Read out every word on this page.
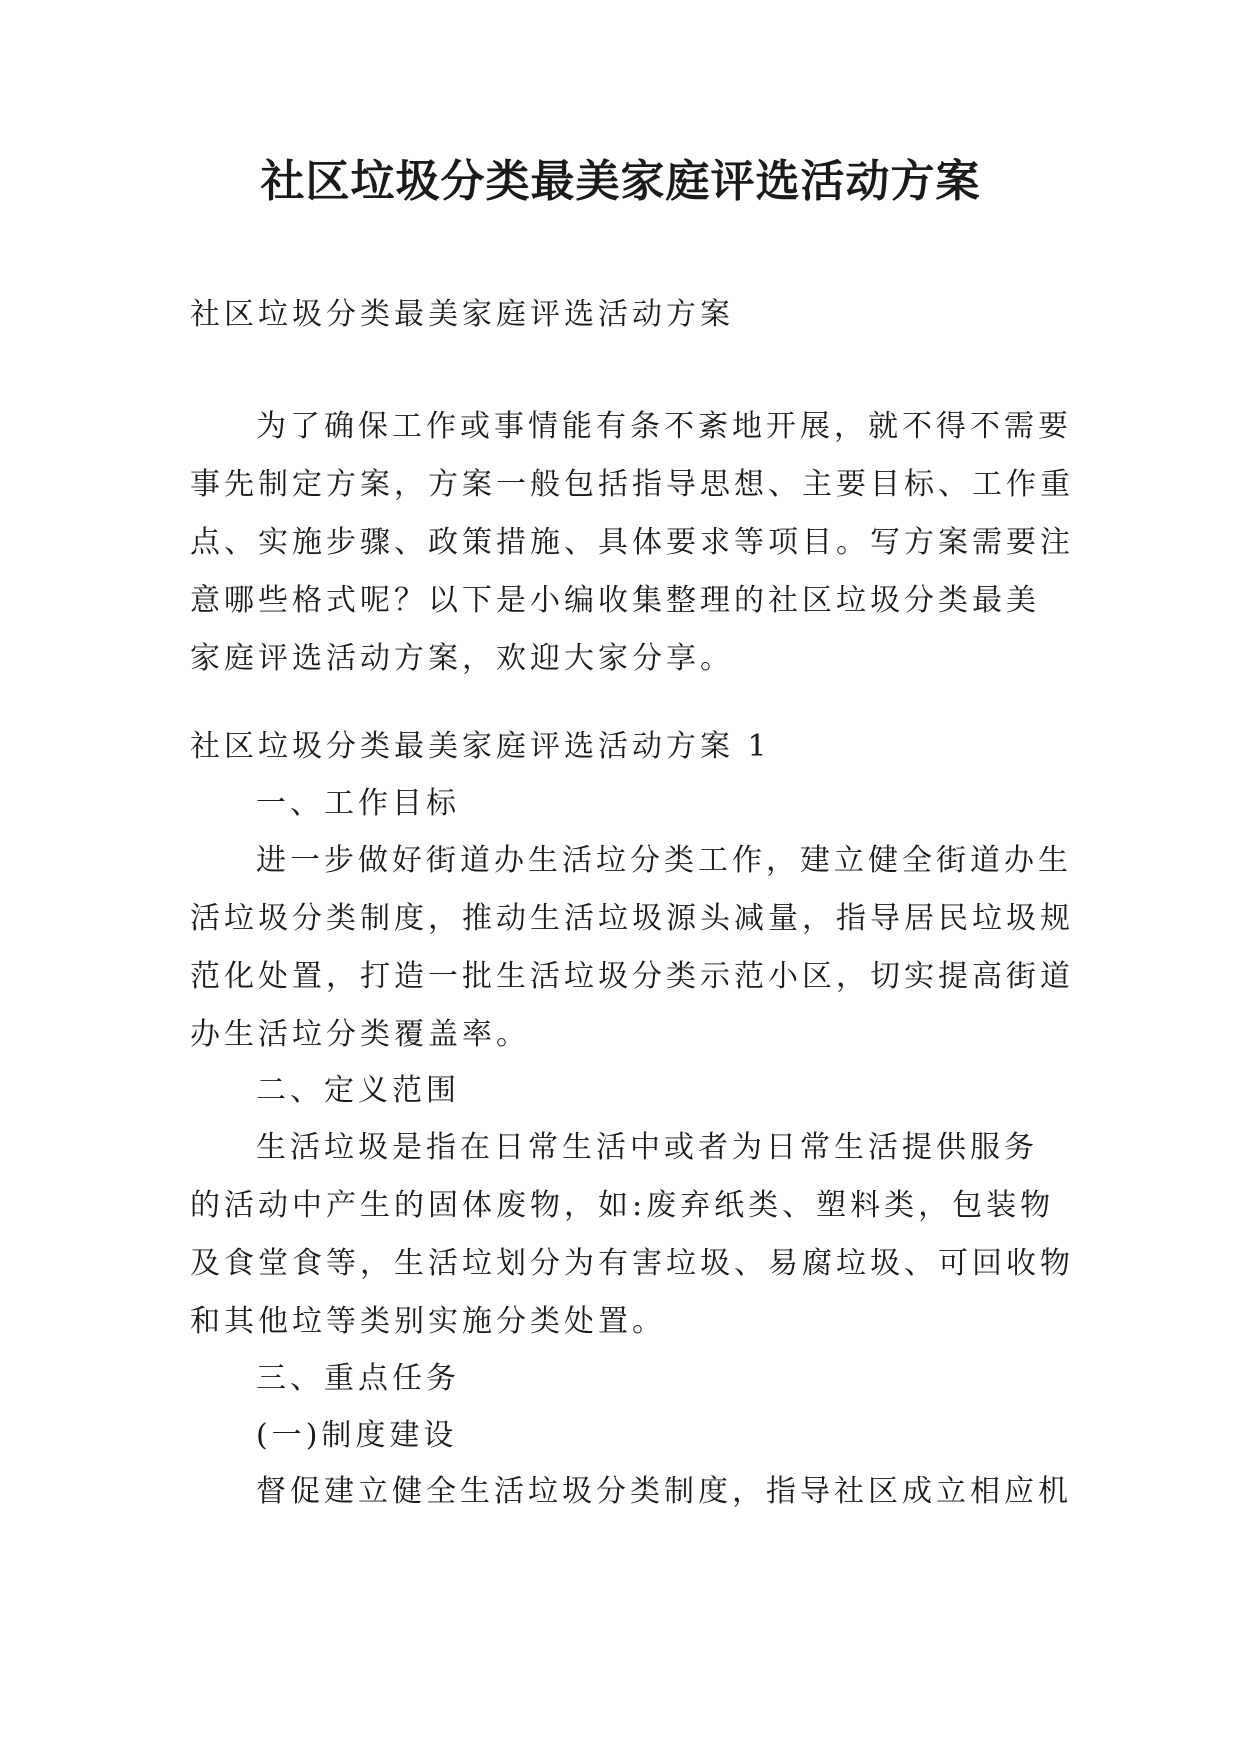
社区垃圾分类最美家庭评选活动方案

社区垃圾分类最美家庭评选活动方案

为了确保工作或事情能有条不紊地开展，就不得不需要
事先制定方案，方案一般包括指导思想、主要目标、工作重
点、实施步骤、政策措施、具体要求等项目。写方案需要注
意哪些格式呢？以下是小编收集整理的社区垃圾分类最美
家庭评选活动方案，欢迎大家分享。

社区垃圾分类最美家庭评选活动方案 1

一、工作目标

进一步做好街道办生活垃分类工作，建立健全街道办生
活垃圾分类制度，推动生活垃圾源头减量，指导居民垃圾规
范化处置，打造一批生活垃圾分类示范小区，切实提高街道
办生活垃分类覆盖率。

二、定义范围

生活垃圾是指在日常生活中或者为日常生活提供服务
的活动中产生的固体废物，如:废弃纸类、塑料类，包装物
及食堂食等，生活垃划分为有害垃圾、易腐垃圾、可回收物
和其他垃等类别实施分类处置。

三、重点任务

(一)制度建设

督促建立健全生活垃圾分类制度，指导社区成立相应机
